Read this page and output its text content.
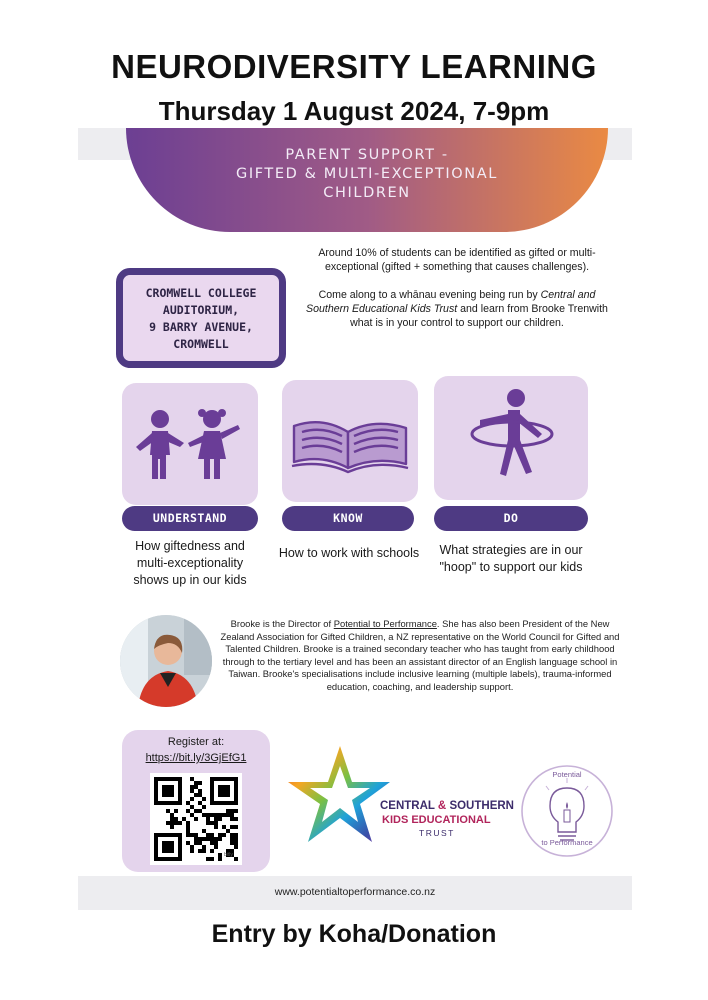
NEURODIVERSITY LEARNING
Thursday 1 August 2024, 7-9pm
PARENT SUPPORT -
GIFTED & MULTI-EXCEPTIONAL
CHILDREN

Around 10% of students can be identified as gifted or multi-exceptional (gifted + something that causes challenges).

Come along to a whānau evening being run by Central and Southern Educational Kids Trust and learn from Brooke Trenwith what is in your control to support our children.

CROMWELL COLLEGE
AUDITORIUM,
9 BARRY AVENUE,
CROMWELL
UNDERSTAND
How giftedness and multi-exceptionality shows up in our kids
KNOW
How to work with schools
DO
What strategies are in our "hoop" to support our kids
Brooke is the Director of Potential to Performance. She has also been President of the New Zealand Association for Gifted Children, a NZ representative on the World Council for Gifted and Talented Children. Brooke is a trained secondary teacher who has taught from early childhood through to the tertiary level and has been an assistant director of an English language school in Taiwan. Brooke's specialisations include inclusive learning (multiple labels), trauma-informed education, coaching, and leadership support.
Register at:
https://bit.ly/3GjEfG1
bitly
CENTRAL & SOUTHERN
KIDS EDUCATIONAL
TRUST
Potential
to Performance
www.potentialtoperformance.co.nz
Entry by Koha/Donation
